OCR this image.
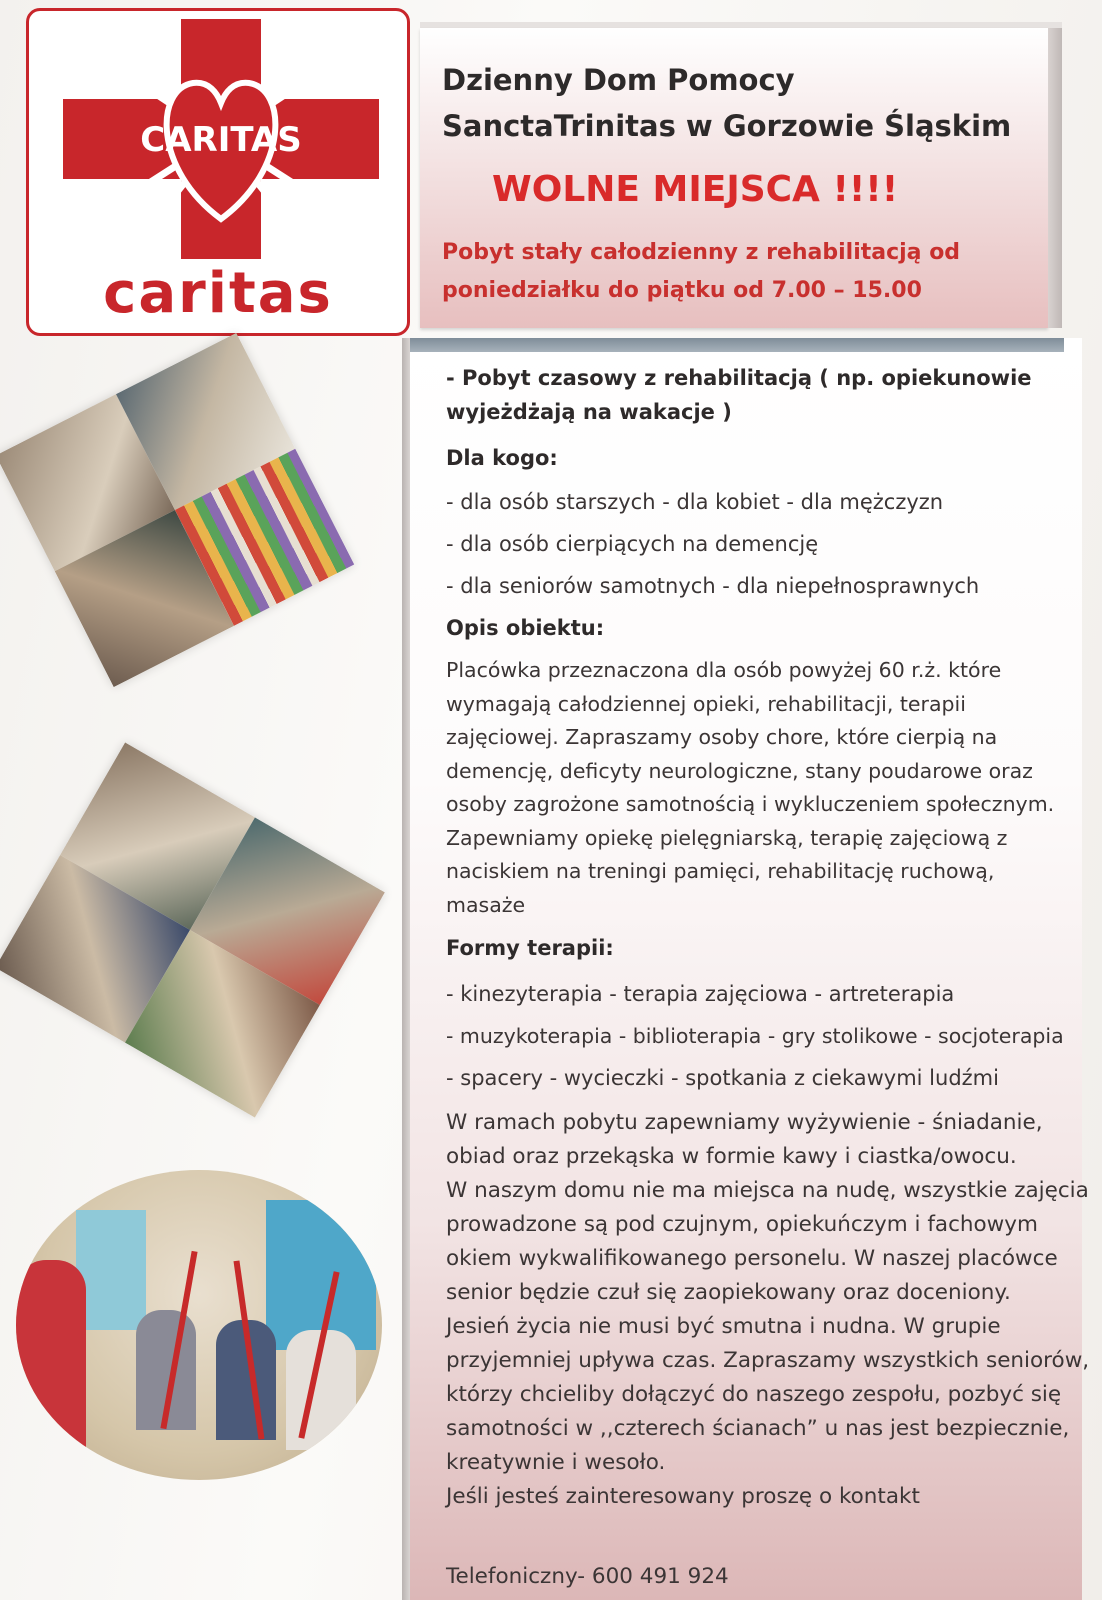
CARITAS
caritas
Dzienny Dom Pomocy
SanctaTrinitas w Gorzowie Śląskim
WOLNE MIEJSCA !!!!
Pobyt stały całodzienny z rehabilitacją od
poniedziałku do piątku od 7.00 – 15.00
- Pobyt czasowy z rehabilitacją ( np. opiekunowie
wyjeżdżają na wakacje )
Dla kogo:
- dla osób starszych - dla kobiet - dla mężczyzn
- dla osób cierpiących na demencję
- dla seniorów samotnych - dla niepełnosprawnych
Opis obiektu:
Placówka przeznaczona dla osób powyżej 60 r.ż. które
wymagają całodziennej opieki, rehabilitacji, terapii
zajęciowej. Zapraszamy osoby chore, które cierpią na
demencję, deficyty neurologiczne, stany poudarowe oraz
osoby zagrożone samotnością i wykluczeniem społecznym.
Zapewniamy opiekę pielęgniarską, terapię zajęciową z
naciskiem na treningi pamięci, rehabilitację ruchową,
masaże
Formy terapii:
- kinezyterapia - terapia zajęciowa - artreterapia
- muzykoterapia - biblioterapia - gry stolikowe - socjoterapia
- spacery - wycieczki - spotkania z ciekawymi ludźmi
W ramach pobytu zapewniamy wyżywienie - śniadanie,
obiad oraz przekąska w formie kawy i ciastka/owocu.
W naszym domu nie ma miejsca na nudę, wszystkie zajęcia
prowadzone są pod czujnym, opiekuńczym i fachowym
okiem wykwalifikowanego personelu. W naszej placówce
senior będzie czuł się zaopiekowany oraz doceniony.
Jesień życia nie musi być smutna i nudna. W grupie
przyjemniej upływa czas. Zapraszamy wszystkich seniorów,
którzy chcieliby dołączyć do naszego zespołu, pozbyć się
samotności w ,,czterech ścianach” u nas jest bezpiecznie,
kreatywnie i wesoło.
Jeśli jesteś zainteresowany proszę o kontakt
Telefoniczny- 600 491 924
